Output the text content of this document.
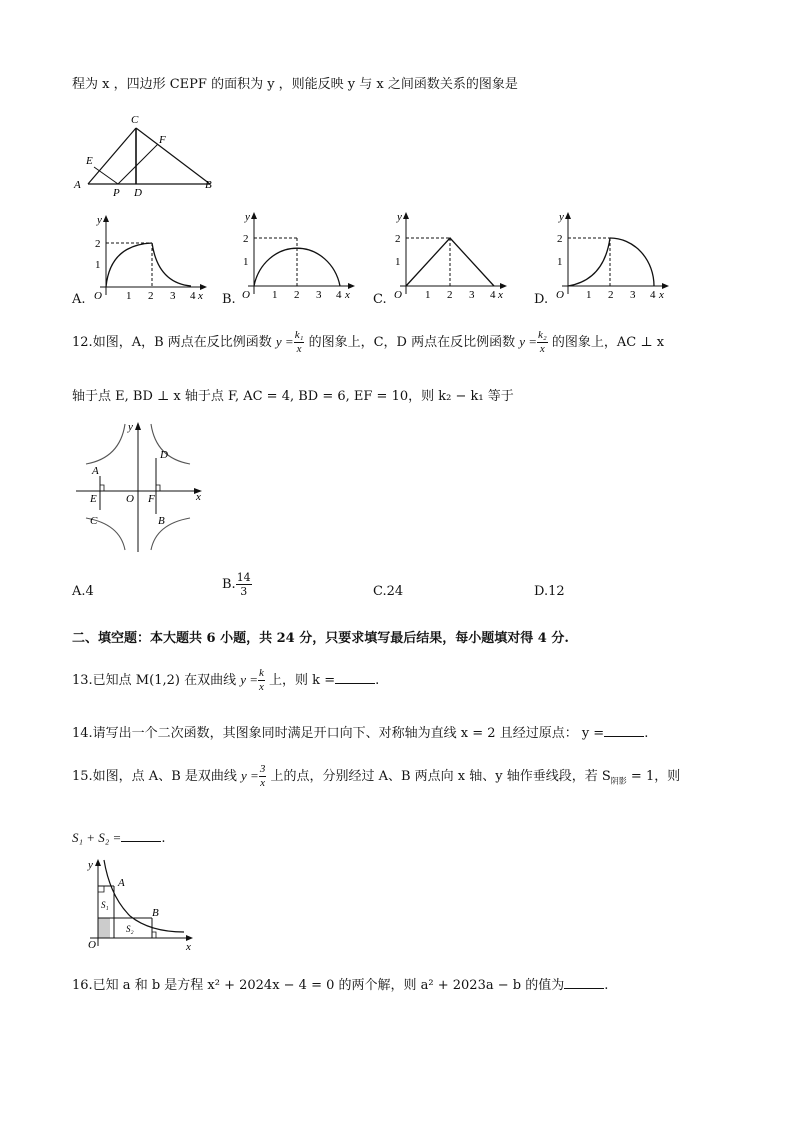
程为 x ，四边形 CEPF 的面积为 y ，则能反映 y 与 x 之间函数关系的图象是
C
E
F
A
P D
B
A.	B.	C.	D.
y
2
1
O 1 2 3 4 x
y
2
1
O 1 2 3 4 x
y
2
1
O 1 2 3 4 x
y
2
1
O 1 2 3 4 x
12.如图，A，B 两点在反比例函数 $y = \frac{\text{k₁}}{x}$ 的图象上，C，D 两点在反比例函数 $y = \frac{\text{k₂}}{x}$ 的图象上，AC ⊥ x
轴于点 E, BD ⊥ x 轴于点 F, AC = 4, BD = 6, EF = 10，则 k₂ − k₁ 等于
y
A
D
E	O F	x
C	B
A.4	B. $\frac{14}{3}$	C.24	D.12
二、填空题：本大题共 6 小题，共 24 分，只要求填写最后结果，每小题填对得 4 分.
13.已知点 M(1,2) 在双曲线 $y = \frac{k}{x}$ 上，则 k =	.
14.请写出一个二次函数，其图象同时满足开口向下、对称轴为直线 x = 2 且经过原点： y =	.
15.如图，点 A、B 是双曲线 $y = \frac{3}{x}$ 上的点，分别经过 A、B 两点向 x 轴、y 轴作垂线段，若 $S_{阴影} = 1$，则
S₁ + S₂ =	.
y
A
S₁
B
O
S₂
x
16.已知 a 和 b 是方程 x² + 2024x − 4 = 0 的两个解，则 a² + 2023a − b 的值为	.
